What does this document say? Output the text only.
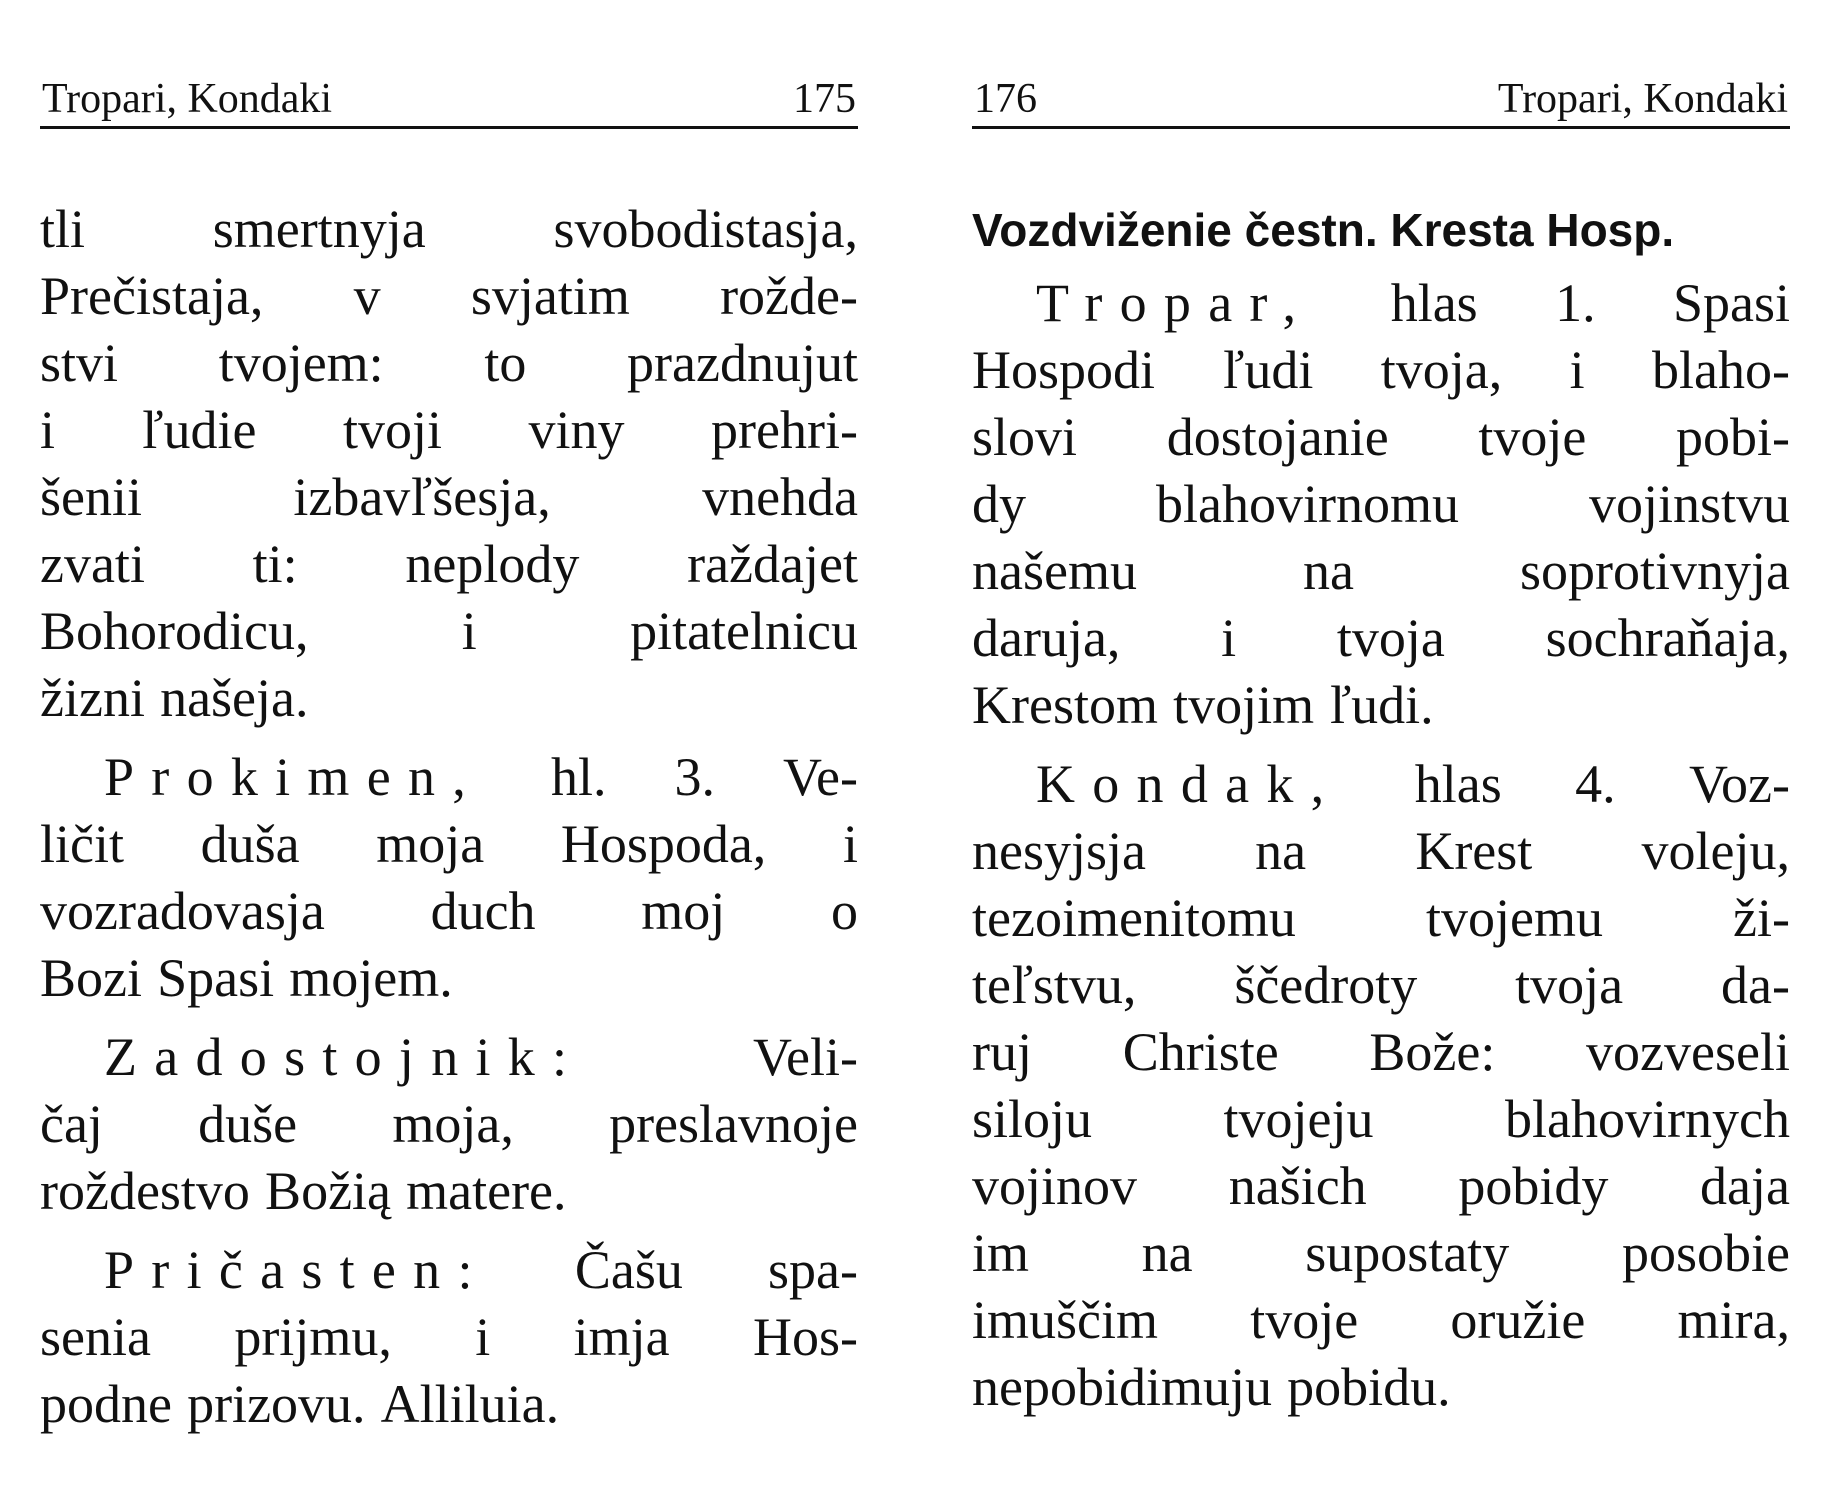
Tropari, Kondaki	175
tli smertnyja svobodistasja,
Prečistaja, v svjatim rožde-
stvi tvojem: to prazdnujut
i ľudie tvoji viny prehri-
šenii	izbavľšesja,	vnehda
zvati ti: neplody raždajet
Bohorodicu,	i	pitatelnicu
žizni našeja.
Prokimen, hl. 3. Ve-
ličit duša moja Hospoda, i
vozradovasja duch moj o
Bozi Spasi mojem.
Zadostojnik:	Veli-
čaj duše moja, preslavnoje
roždestvo Božią matere.
Pričasten: Čašu spa-
senia prijmu, i imja Hos-
podne prizovu. Alliluia.
176	Tropari, Kondaki
Vozdviženie čestn. Kresta Hosp.
Tropar, hlas 1. Spasi
Hospodi ľudi tvoja, i blaho-
slovi dostojanie tvoje pobi-
dy blahovirnomu vojinstvu
našemu	na	soprotivnyja
daruja, i tvoja sochraňaja,
Krestom tvojim ľudi.
Kondak, hlas 4. Voz-
nesyjsja na Krest voleju,
tezoimenitomu tvojemu ži-
teľstvu, ščedroty tvoja da-
ruj Christe Bože: vozveseli
siloju tvojeju blahovirnych
vojinov našich pobidy daja
im na supostaty posobie
imuščim tvoje oružie mira,
nepobidimuju pobidu.
